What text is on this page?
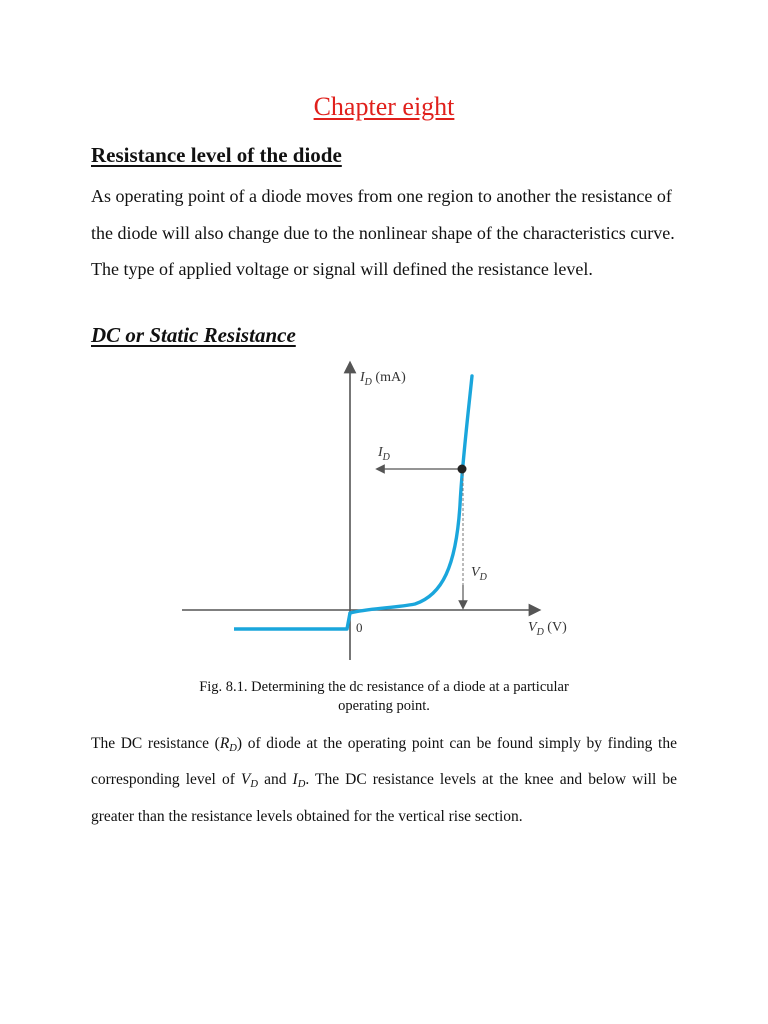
Chapter eight
Resistance level of the diode

As operating point of a diode moves from one region to another the resistance of the diode will also change due to the nonlinear shape of the characteristics curve. The type of applied voltage or signal will defined the resistance level.

DC or Static Resistance
$I_D$ (mA)
$V_D$ (V)
0
$I_D$
$V_D$

Fig. 8.1. Determining the dc resistance of a diode at a particular
operating point.

The DC resistance $(R_D)$ of diode at the operating point can be found simply by finding the corresponding level of $V_D$ and $I_D$. The DC resistance levels at the knee and below will be greater than the resistance levels obtained for the vertical rise section.
